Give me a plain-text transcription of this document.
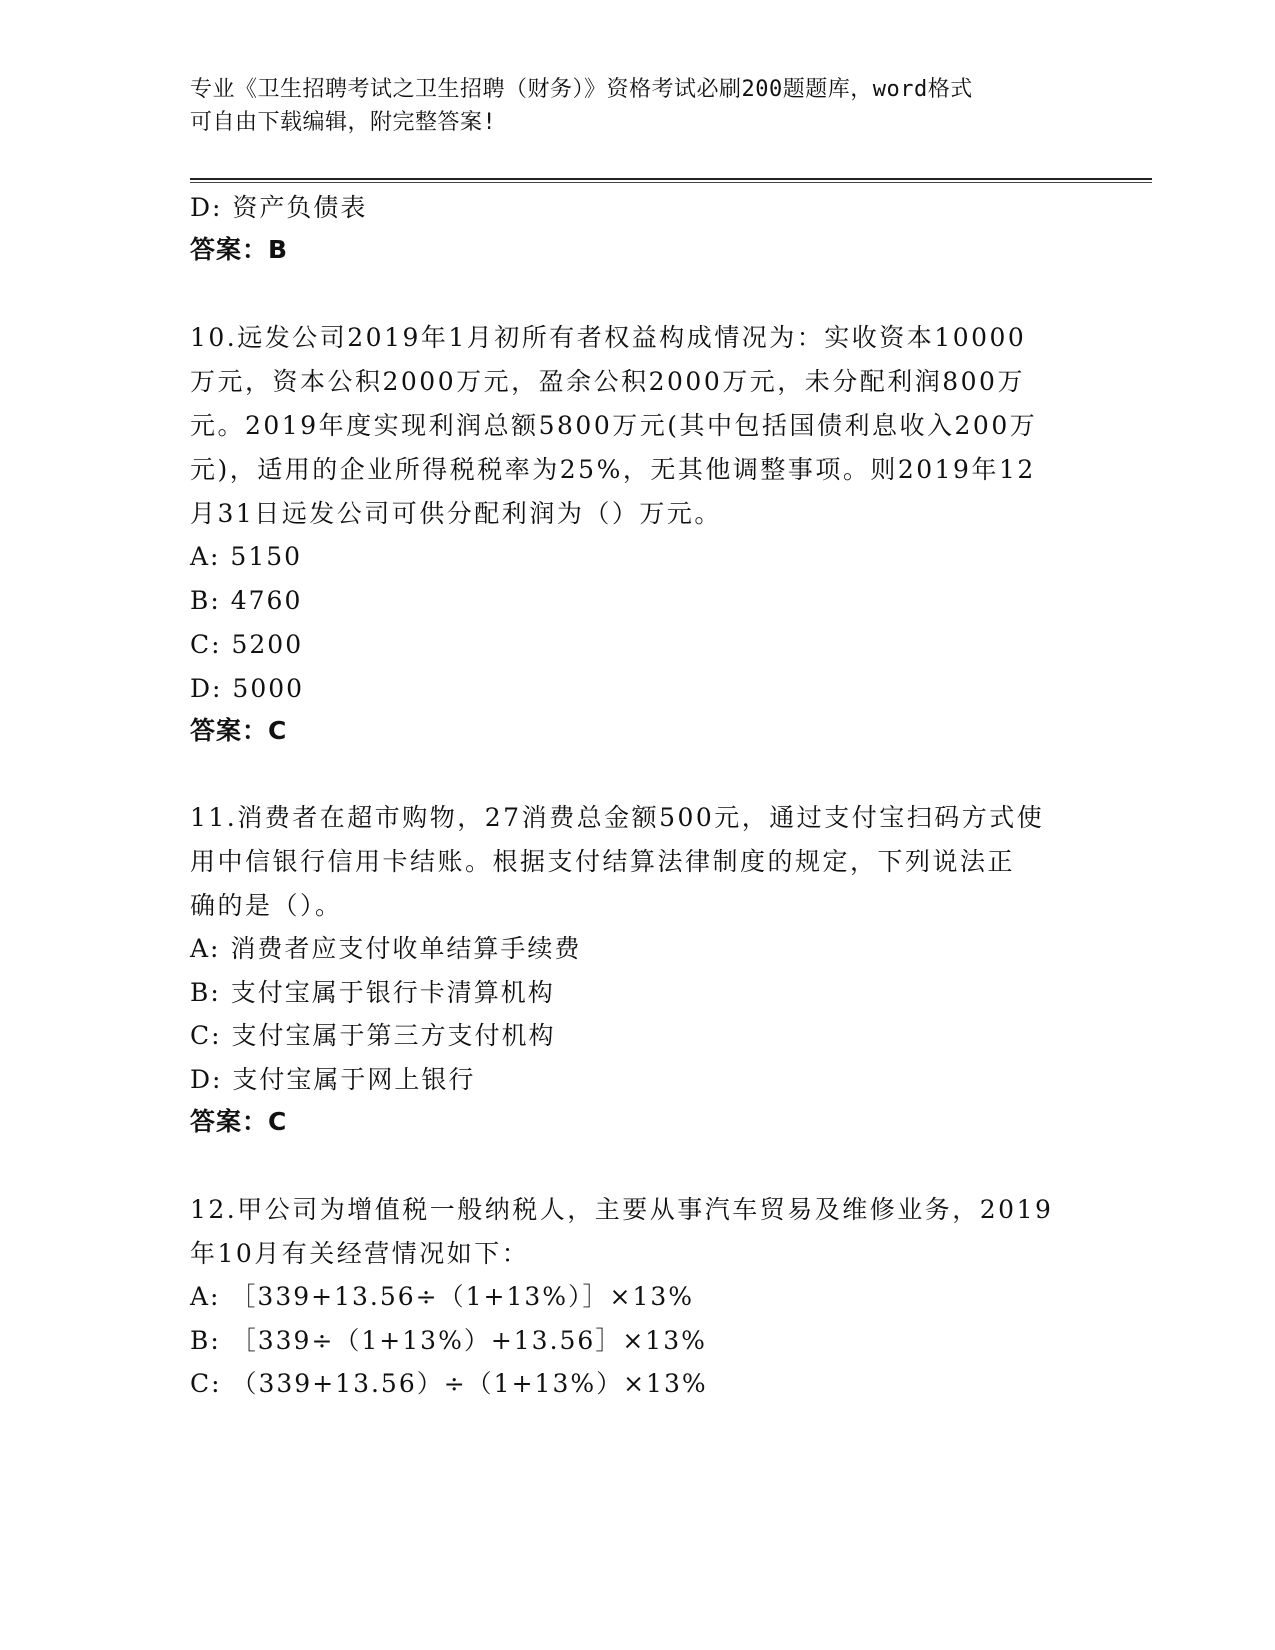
专业《卫生招聘考试之卫生招聘（财务）》资格考试必刷200题题库，word格式
可自由下载编辑，附完整答案!
D: 资产负债表
答案：B
10.远发公司2019年1月初所有者权益构成情况为：实收资本10000
万元，资本公积2000万元，盈余公积2000万元，未分配利润800万
元。2019年度实现利润总额5800万元(其中包括国债利息收入200万
元)，适用的企业所得税税率为25%，无其他调整事项。则2019年12
月31日远发公司可供分配利润为（）万元。
A: 5150
B: 4760
C: 5200
D: 5000
答案：C
11.消费者在超市购物，27消费总金额500元，通过支付宝扫码方式使
用中信银行信用卡结账。根据支付结算法律制度的规定，下列说法正
确的是（）。
A: 消费者应支付收单结算手续费
B: 支付宝属于银行卡清算机构
C: 支付宝属于第三方支付机构
D: 支付宝属于网上银行
答案：C
12.甲公司为增值税一般纳税人，主要从事汽车贸易及维修业务，2019
年10月有关经营情况如下：
A: ［339+13.56÷（1+13%）］×13%
B: ［339÷（1+13%）+13.56］×13%
C: （339+13.56）÷（1+13%）×13%
